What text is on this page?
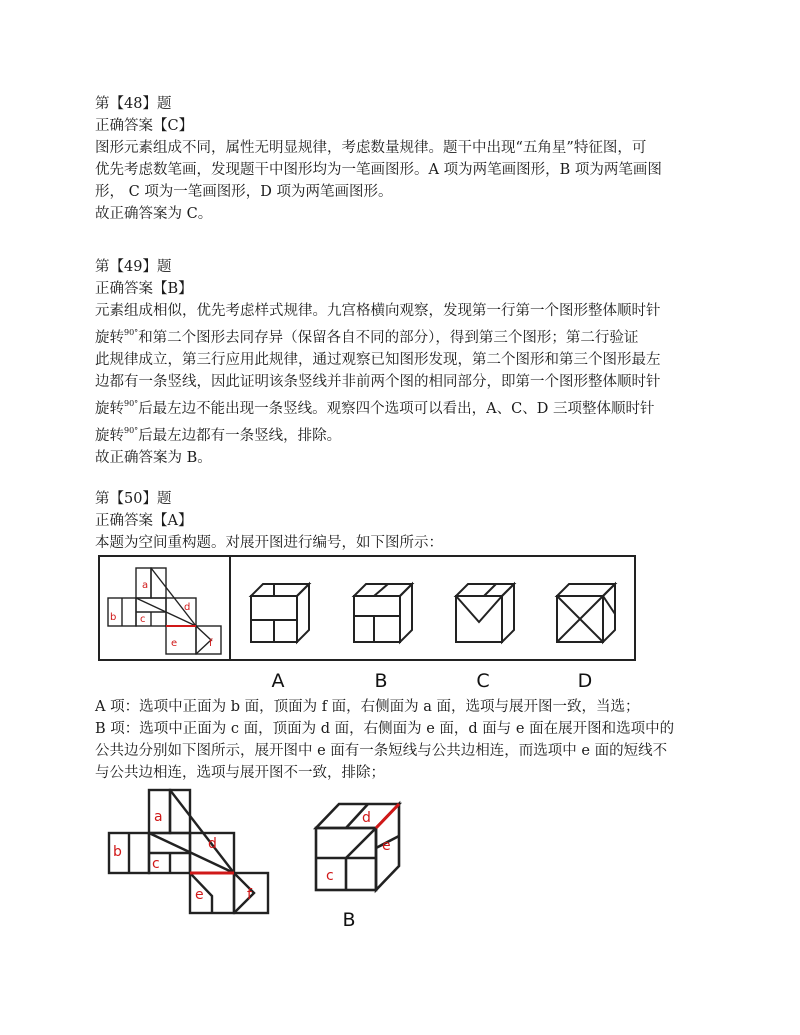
第【48】题
正确答案【C】
图形元素组成不同，属性无明显规律，考虑数量规律。题干中出现“五角星”特征图，可
优先考虑数笔画，发现题干中图形均为一笔画图形。A 项为两笔画图形，B 项为两笔画图
形， C 项为一笔画图形，D 项为两笔画图形。
故正确答案为 C。
第【49】题
正确答案【B】
元素组成相似，优先考虑样式规律。九宫格横向观察，发现第一行第一个图形整体顺时针
旋转$^{90^\circ}$和第二个图形去同存异（保留各自不同的部分），得到第三个图形；第二行验证
此规律成立，第三行应用此规律，通过观察已知图形发现，第二个图形和第三个图形最左
边都有一条竖线，因此证明该条竖线并非前两个图的相同部分，即第一个图形整体顺时针
旋转$^{90^\circ}$后最左边不能出现一条竖线。观察四个选项可以看出，A、C、D 三项整体顺时针
旋转$^{90^\circ}$后最左边都有一条竖线，排除。
故正确答案为 B。
第【50】题
正确答案【A】
本题为空间重构题。对展开图进行编号，如下图所示：
a
b c
d
e	f
A	B	C	D
A 项：选项中正面为 b 面，顶面为 f 面，右侧面为 a 面，选项与展开图一致，当选；
B 项：选项中正面为 c 面，顶面为 d 面，右侧面为 e 面，d 面与 e 面在展开图和选项中的
公共边分别如下图所示，展开图中 e 面有一条短线与公共边相连，而选项中 e 面的短线不
与公共边相连，选项与展开图不一致，排除；
a
b
c
d
e	f
d
e
c
B
